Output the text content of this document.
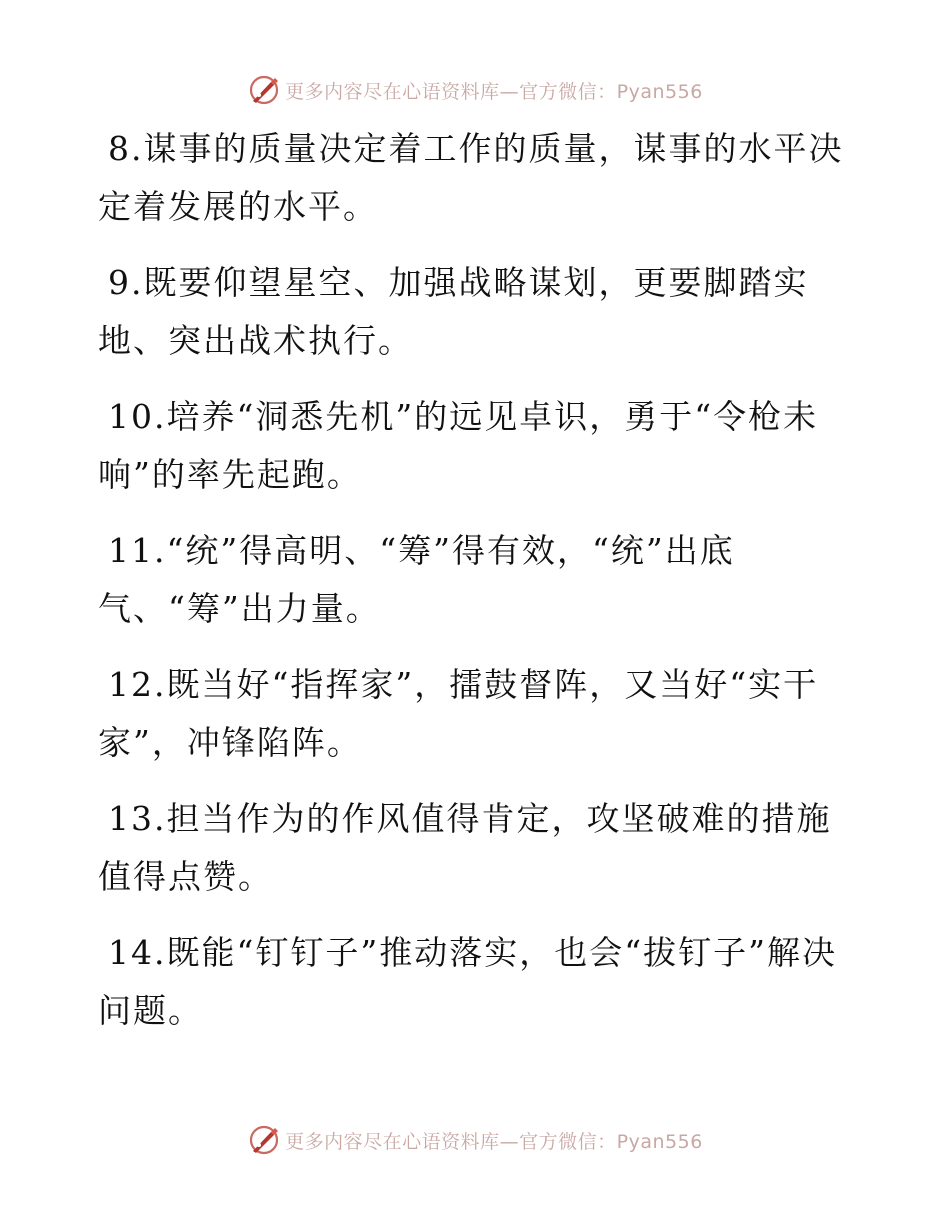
更多内容尽在心语资料库—官方微信：Pyan556

8.谋事的质量决定着工作的质量，谋事的水平决定着发展的水平。

9.既要仰望星空、加强战略谋划，更要脚踏实地、突出战术执行。

10.培养“洞悉先机”的远见卓识，勇于“令枪未响”的率先起跑。

11.“统”得高明、“筹”得有效，“统”出底气、“筹”出力量。

12.既当好“指挥家”，擂鼓督阵，又当好“实干家”，冲锋陷阵。

13.担当作为的作风值得肯定，攻坚破难的措施值得点赞。

14.既能“钉钉子”推动落实，也会“拔钉子”解决问题。

更多内容尽在心语资料库—官方微信：Pyan556
